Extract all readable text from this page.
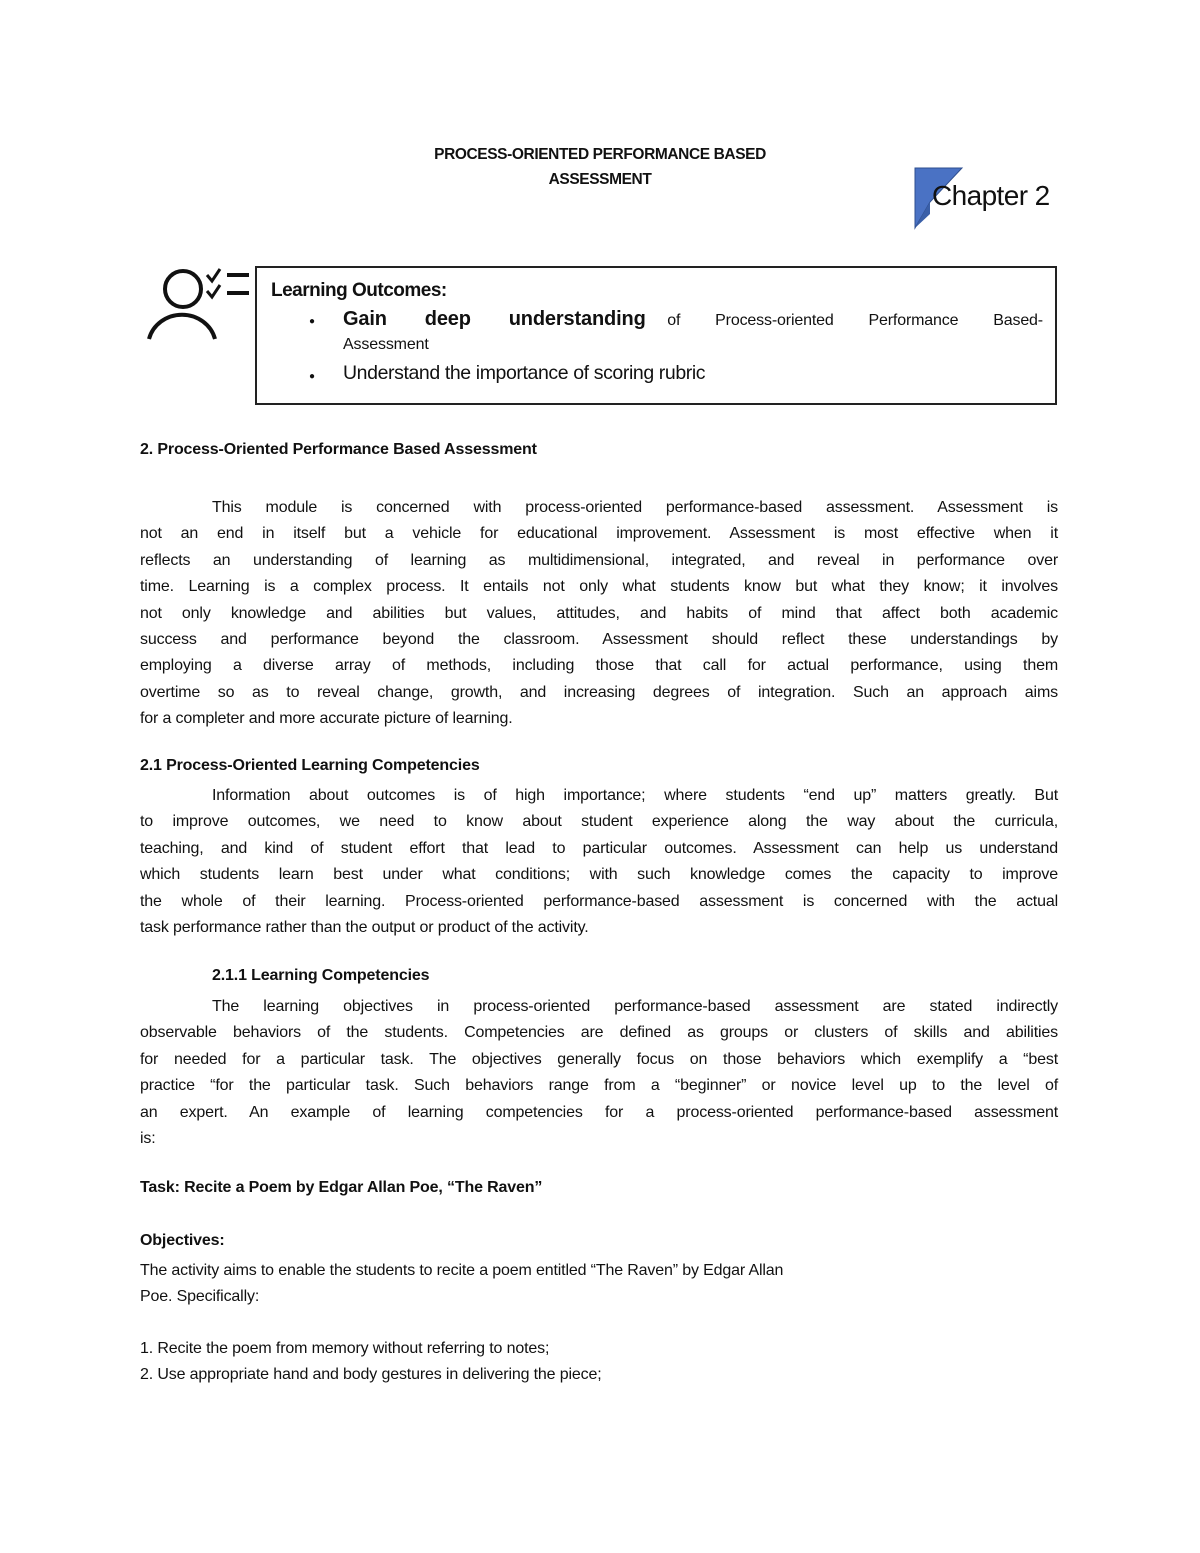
PROCESS-ORIENTED PERFORMANCE BASED
ASSESSMENT
Chapter 2
Learning Outcomes:
● Gain deep understanding of Process-oriented Performance Based-
Assessment
● Understand the importance of scoring rubric
2. Process-Oriented Performance Based Assessment
This module is concerned with process-oriented performance-based assessment. Assessment is
not an end in itself but a vehicle for educational improvement. Assessment is most effective when it
reflects an understanding of learning as multidimensional, integrated, and reveal in performance over
time. Learning is a complex process. It entails not only what students know but what they know; it involves
not only knowledge and abilities but values, attitudes, and habits of mind that affect both academic
success and performance beyond the classroom. Assessment should reflect these understandings by
employing a diverse array of methods, including those that call for actual performance, using them
overtime so as to reveal change, growth, and increasing degrees of integration. Such an approach aims
for a completer and more accurate picture of learning.
2.1 Process-Oriented Learning Competencies
Information about outcomes is of high importance; where students “end up” matters greatly. But
to improve outcomes, we need to know about student experience along the way about the curricula,
teaching, and kind of student effort that lead to particular outcomes. Assessment can help us understand
which students learn best under what conditions; with such knowledge comes the capacity to improve
the whole of their learning. Process-oriented performance-based assessment is concerned with the actual
task performance rather than the output or product of the activity.
2.1.1 Learning Competencies
The learning objectives in process-oriented performance-based assessment are stated indirectly
observable behaviors of the students. Competencies are defined as groups or clusters of skills and abilities
for needed for a particular task. The objectives generally focus on those behaviors which exemplify a “best
practice “for the particular task. Such behaviors range from a “beginner” or novice level up to the level of
an expert. An example of learning competencies for a process-oriented performance-based assessment
is:
Task: Recite a Poem by Edgar Allan Poe, “The Raven”
Objectives:
The activity aims to enable the students to recite a poem entitled “The Raven” by Edgar Allan
Poe. Specifically:
1. Recite the poem from memory without referring to notes;
2. Use appropriate hand and body gestures in delivering the piece;
